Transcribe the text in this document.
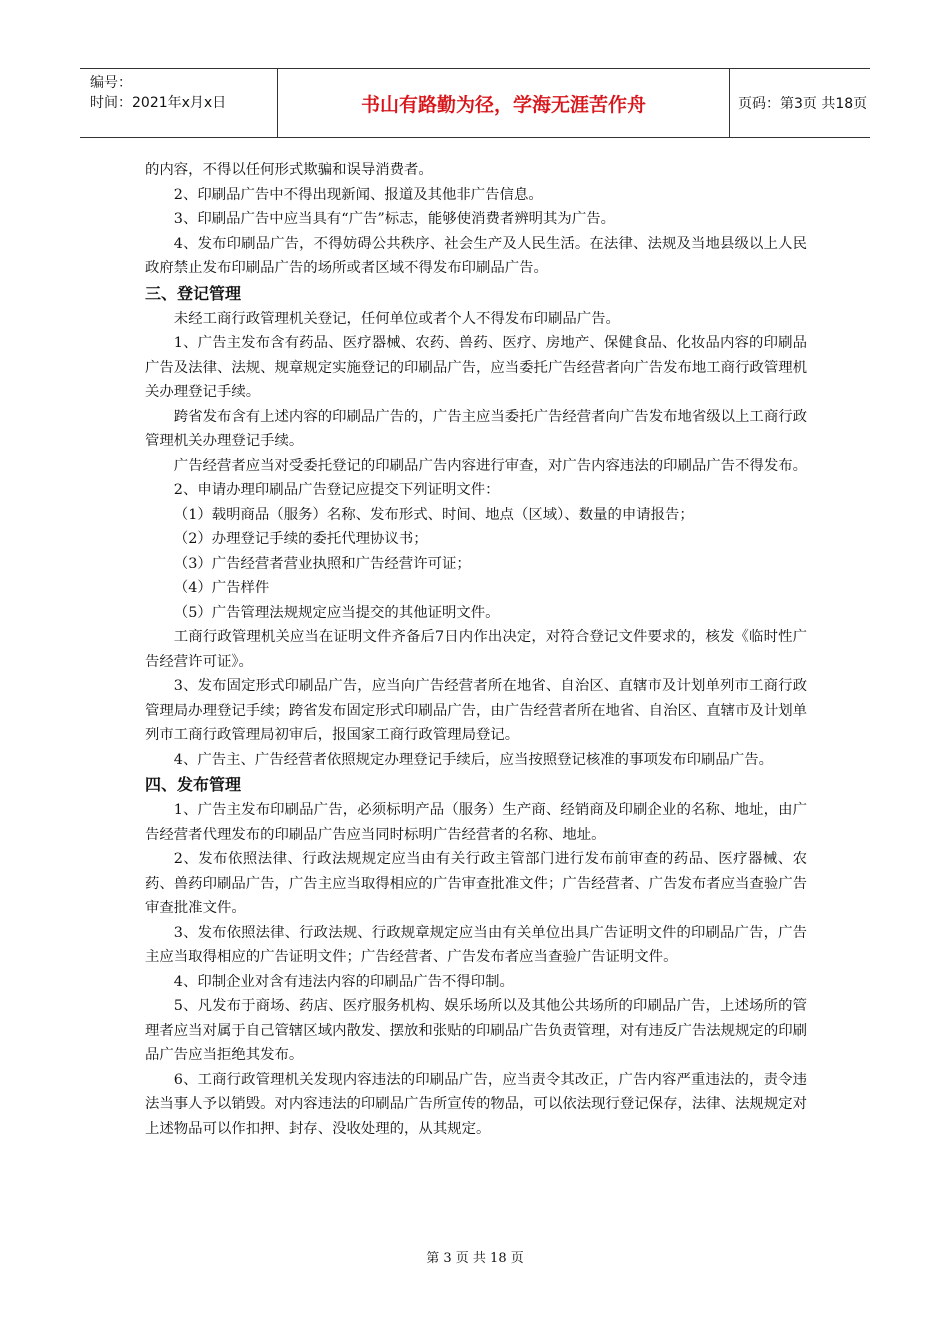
编号：
时间：2021年x月x日	书山有路勤为径，学海无涯苦作舟	页码：第3页 共18页

的内容，不得以任何形式欺骗和误导消费者。

2、印刷品广告中不得出现新闻、报道及其他非广告信息。

3、印刷品广告中应当具有“广告”标志，能够使消费者辨明其为广告。

4、发布印刷品广告，不得妨碍公共秩序、社会生产及人民生活。在法律、法规及当地县级以上人民政府禁止发布印刷品广告的场所或者区域不得发布印刷品广告。

三、登记管理

未经工商行政管理机关登记，任何单位或者个人不得发布印刷品广告。

1、广告主发布含有药品、医疗器械、农药、兽药、医疗、房地产、保健食品、化妆品内容的印刷品广告及法律、法规、规章规定实施登记的印刷品广告，应当委托广告经营者向广告发布地工商行政管理机关办理登记手续。

跨省发布含有上述内容的印刷品广告的，广告主应当委托广告经营者向广告发布地省级以上工商行政管理机关办理登记手续。

广告经营者应当对受委托登记的印刷品广告内容进行审查，对广告内容违法的印刷品广告不得发布。

2、申请办理印刷品广告登记应提交下列证明文件：

（1）载明商品（服务）名称、发布形式、时间、地点（区域）、数量的申请报告；

（2）办理登记手续的委托代理协议书；

（3）广告经营者营业执照和广告经营许可证；

（4）广告样件

（5）广告管理法规规定应当提交的其他证明文件。

工商行政管理机关应当在证明文件齐备后7日内作出决定，对符合登记文件要求的，核发《临时性广告经营许可证》。

3、发布固定形式印刷品广告，应当向广告经营者所在地省、自治区、直辖市及计划单列市工商行政管理局办理登记手续；跨省发布固定形式印刷品广告，由广告经营者所在地省、自治区、直辖市及计划单列市工商行政管理局初审后，报国家工商行政管理局登记。

4、广告主、广告经营者依照规定办理登记手续后，应当按照登记核准的事项发布印刷品广告。

四、发布管理

1、广告主发布印刷品广告，必须标明产品（服务）生产商、经销商及印刷企业的名称、地址，由广告经营者代理发布的印刷品广告应当同时标明广告经营者的名称、地址。

2、发布依照法律、行政法规规定应当由有关行政主管部门进行发布前审查的药品、医疗器械、农药、兽药印刷品广告，广告主应当取得相应的广告审查批准文件；广告经营者、广告发布者应当查验广告审查批准文件。

3、发布依照法律、行政法规、行政规章规定应当由有关单位出具广告证明文件的印刷品广告，广告主应当取得相应的广告证明文件；广告经营者、广告发布者应当查验广告证明文件。

4、印制企业对含有违法内容的印刷品广告不得印制。

5、凡发布于商场、药店、医疗服务机构、娱乐场所以及其他公共场所的印刷品广告，上述场所的管理者应当对属于自己管辖区域内散发、摆放和张贴的印刷品广告负责管理，对有违反广告法规规定的印刷品广告应当拒绝其发布。

6、工商行政管理机关发现内容违法的印刷品广告，应当责令其改正，广告内容严重违法的，责令违法当事人予以销毁。对内容违法的印刷品广告所宣传的物品，可以依法现行登记保存，法律、法规规定对上述物品可以作扣押、封存、没收处理的，从其规定。

第 3 页 共 18 页
